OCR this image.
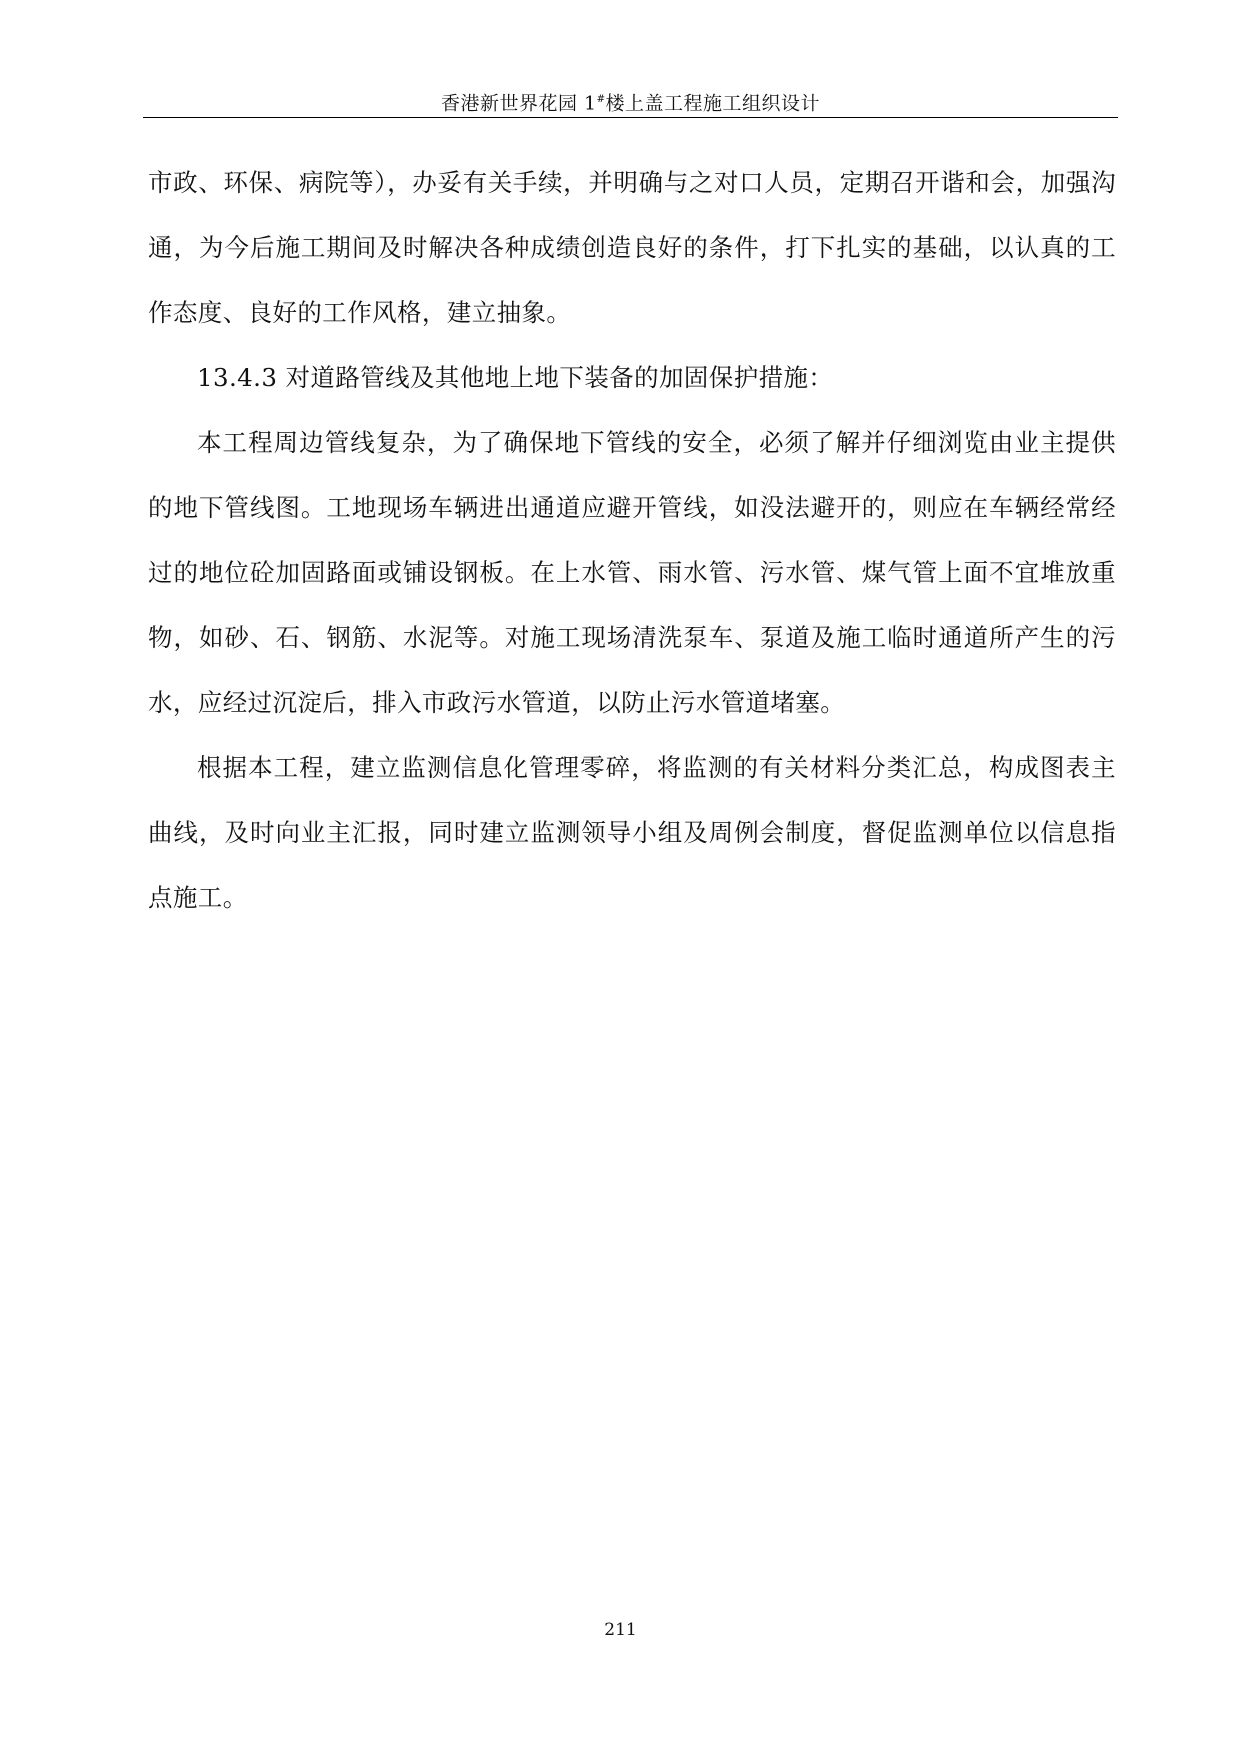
香港新世界花园 1#楼上盖工程施工组织设计

市政、环保、病院等），办妥有关手续，并明确与之对口人员，定期召开谐和会，加强沟通，为今后施工期间及时解决各种成绩创造良好的条件，打下扎实的基础，以认真的工作态度、良好的工作风格，建立抽象。

13.4.3 对道路管线及其他地上地下装备的加固保护措施：

本工程周边管线复杂，为了确保地下管线的安全，必须了解并仔细浏览由业主提供的地下管线图。工地现场车辆进出通道应避开管线，如没法避开的，则应在车辆经常经过的地位砼加固路面或铺设钢板。在上水管、雨水管、污水管、煤气管上面不宜堆放重物，如砂、石、钢筋、水泥等。对施工现场清洗泵车、泵道及施工临时通道所产生的污水，应经过沉淀后，排入市政污水管道，以防止污水管道堵塞。

根据本工程，建立监测信息化管理零碎，将监测的有关材料分类汇总，构成图表主曲线，及时向业主汇报，同时建立监测领导小组及周例会制度，督促监测单位以信息指点施工。

211
